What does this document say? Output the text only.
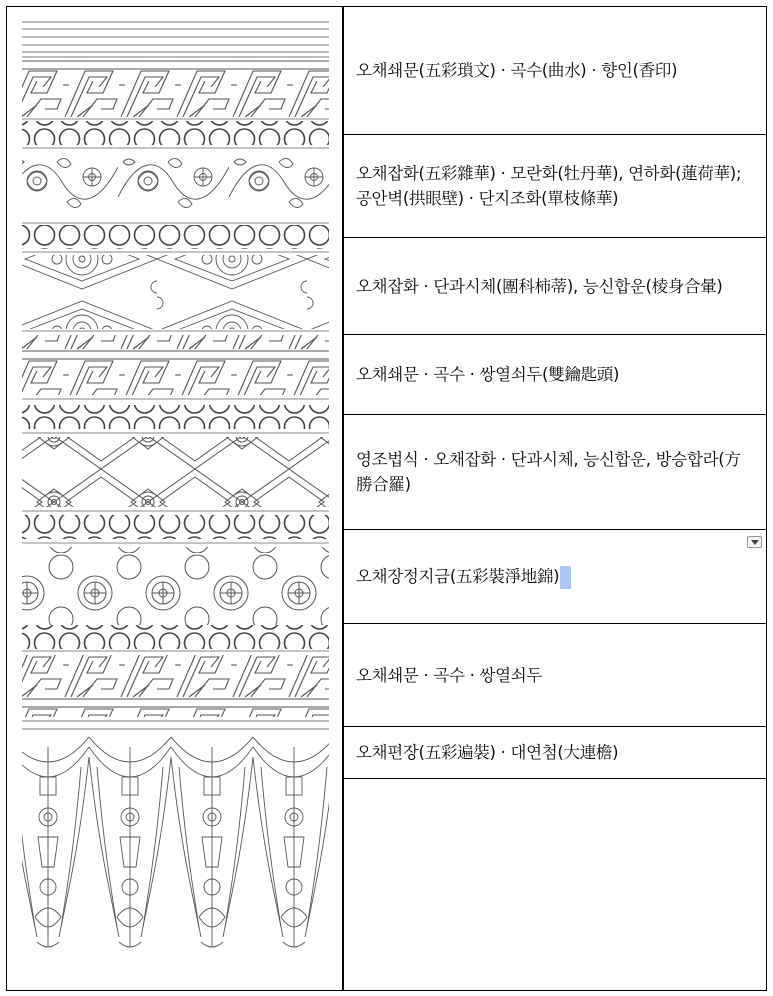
오채쇄문(五彩瑣文) · 곡수(曲水) · 향인(香印)
오채잡화(五彩雜華) · 모란화(牡丹華), 연하화(蓮荷華); 공안벽(拱眼壁) · 단지조화(單枝條華)
오채잡화 · 단과시체(團科柿蒂), 능신합운(棱身合暈)
오채쇄문 · 곡수 · 쌍열쇠두(雙鑰匙頭)
영조법식 · 오채잡화 · 단과시체, 능신합운, 방승합라(方勝合羅)
오채장정지금(五彩裝淨地錦)
오채쇄문 · 곡수 · 쌍열쇠두
오채편장(五彩遍裝) · 대연첨(大連檐)
